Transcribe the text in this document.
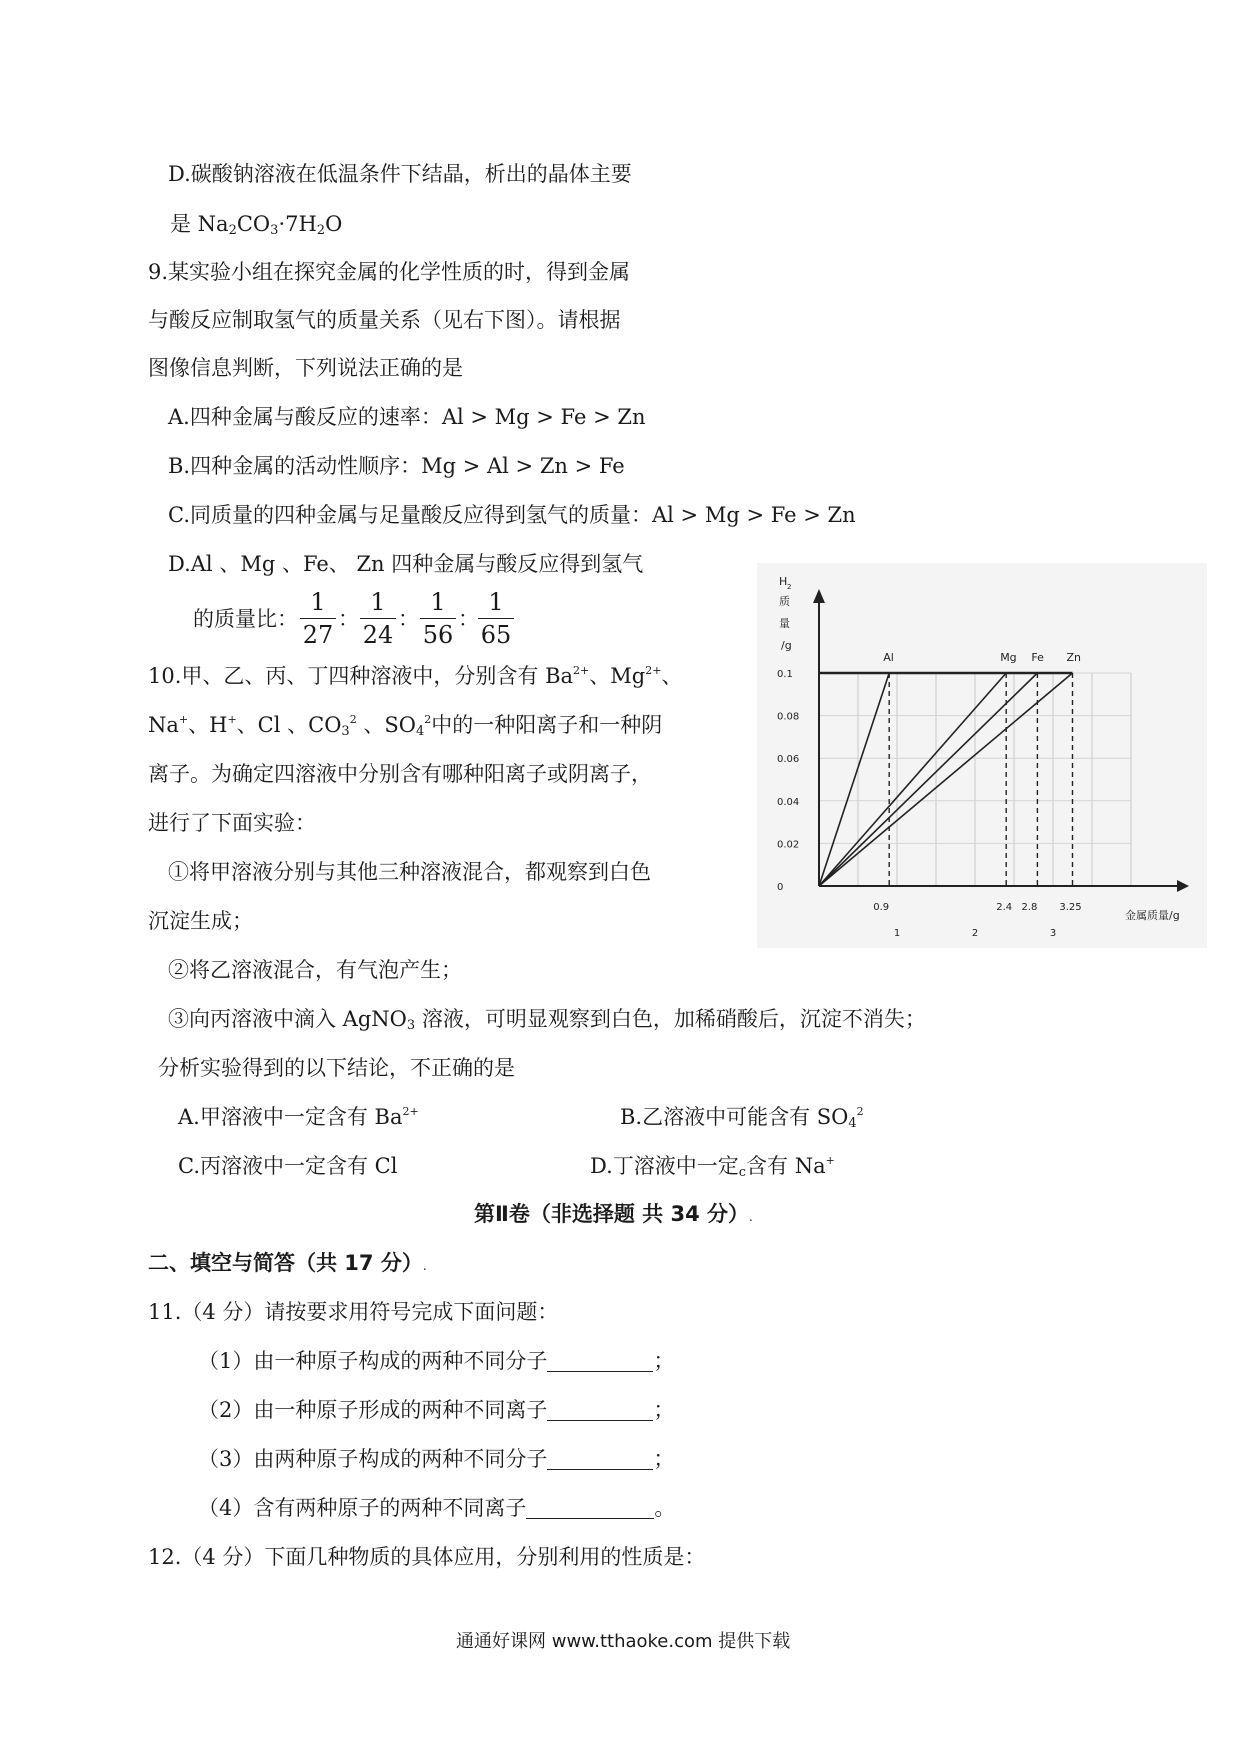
D.碳酸钠溶液在低温条件下结晶，析出的晶体主要
是 $Na_2CO_3\cdot 7H_2O$
9.某实验小组在探究金属的化学性质的时，得到金属
与酸反应制取氢气的质量关系（见右下图）。请根据
图像信息判断，下列说法正确的是
A.四种金属与酸反应的速率：Al > Mg > Fe > Zn
B.四种金属的活动性顺序：Mg > Al > Zn > Fe
C.同质量的四种金属与足量酸反应得到氢气的质量：Al > Mg > Fe > Zn
D.Al 、Mg 、Fe、 Zn 四种金属与酸反应得到氢气
的质量比：
1
27
：
1
24
：
1
56
：
1
65
Al	Mg Fe Zn
0.1
0.08
0.06
0.04
0.02
0
0.9	2.4 2.8 3.25
1	2	3
H 2
质
量
/g
金属质量/g
10.甲、乙、丙、丁四种溶液中，分别含有 $Ba^{2+}$、$Mg^{2+}$、
Na+、H+、Cl 、$CO_3^2$ 、$SO_4^2$中的一种阳离子和一种阴
离子。为确定四溶液中分别含有哪种阳离子或阴离子，
进行了下面实验：
①将甲溶液分别与其他三种溶液混合，都观察到白色
沉淀生成；
②将乙溶液混合，有气泡产生；
③向丙溶液中滴入 AgNO$_3$ 溶液，可明显观察到白色，加稀硝酸后，沉淀不消失；
分析实验得到的以下结论，不正确的是
A.甲溶液中一定含有 $Ba^{2+}$	B.乙溶液中可能含有 $SO_4^2$
C.丙溶液中一定含有 Cl	D.丁溶液中一定$_c$含有 Na+
第Ⅱ卷（非选择题 共 34 分）.
二、填空与简答（共 17 分）.
11.（4 分）请按要求用符号完成下面问题：
（1）由一种原子构成的两种不同分子	；
（2）由一种原子形成的两种不同离子	；
（3）由两种原子构成的两种不同分子	；
（4）含有两种原子的两种不同离子	。
12.（4 分）下面几种物质的具体应用，分别利用的性质是：
通通好课网 www.tthaoke.com 提供下载
